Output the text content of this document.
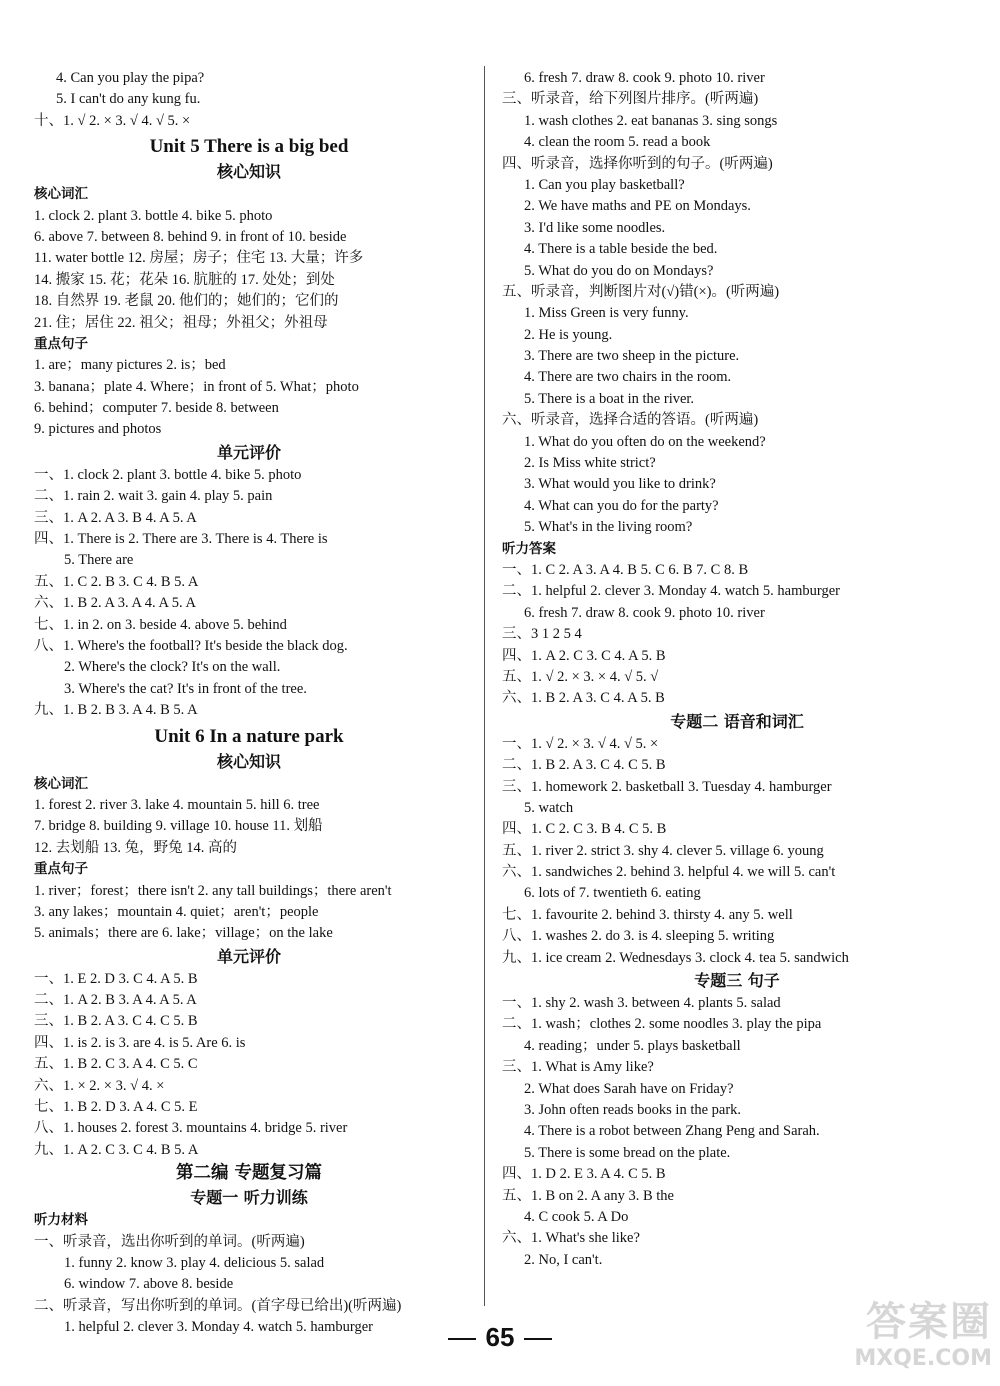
4. Can you play the pipa?
5. I can't do any kung fu.
十、1. √ 2. × 3. √ 4. √ 5. ×
Unit 5 There is a big bed
核心知识
核心词汇
1. clock 2. plant 3. bottle 4. bike 5. photo
6. above 7. between 8. behind 9. in front of 10. beside
11. water bottle 12. 房屋；房子；住宅 13. 大量；许多
14. 搬家 15. 花；花朵 16. 肮脏的 17. 处处；到处
18. 自然界 19. 老鼠 20. 他们的；她们的；它们的
21. 住；居住 22. 祖父；祖母；外祖父；外祖母
重点句子
1. are；many pictures 2. is；bed
3. banana；plate 4. Where；in front of 5. What；photo
6. behind；computer 7. beside 8. between
9. pictures and photos
单元评价
一、1. clock 2. plant 3. bottle 4. bike 5. photo
二、1. rain 2. wait 3. gain 4. play 5. pain
三、1. A 2. A 3. B 4. A 5. A
四、1. There is 2. There are 3. There is 4. There is
5. There are
五、1. C 2. B 3. C 4. B 5. A
六、1. B 2. A 3. A 4. A 5. A
七、1. in 2. on 3. beside 4. above 5. behind
八、1. Where's the football? It's beside the black dog.
2. Where's the clock? It's on the wall.
3. Where's the cat? It's in front of the tree.
九、1. B 2. B 3. A 4. B 5. A
Unit 6 In a nature park
核心知识
核心词汇
1. forest 2. river 3. lake 4. mountain 5. hill 6. tree
7. bridge 8. building 9. village 10. house 11. 划船
12. 去划船 13. 兔，野兔 14. 高的
重点句子
1. river；forest；there isn't 2. any tall buildings；there aren't
3. any lakes；mountain 4. quiet；aren't；people
5. animals；there are 6. lake；village；on the lake
单元评价
一、1. E 2. D 3. C 4. A 5. B
二、1. A 2. B 3. A 4. A 5. A
三、1. B 2. A 3. C 4. C 5. B
四、1. is 2. is 3. are 4. is 5. Are 6. is
五、1. B 2. C 3. A 4. C 5. C
六、1. × 2. × 3. √ 4. ×
七、1. B 2. D 3. A 4. C 5. E
八、1. houses 2. forest 3. mountains 4. bridge 5. river
九、1. A 2. C 3. C 4. B 5. A
第二编 专题复习篇
专题一 听力训练
听力材料
一、听录音，选出你听到的单词。(听两遍)
1. funny 2. know 3. play 4. delicious 5. salad
6. window 7. above 8. beside
二、听录音，写出你听到的单词。(首字母已给出)(听两遍)
1. helpful 2. clever 3. Monday 4. watch 5. hamburger
6. fresh 7. draw 8. cook 9. photo 10. river
三、听录音，给下列图片排序。(听两遍)
1. wash clothes 2. eat bananas 3. sing songs
4. clean the room 5. read a book
四、听录音，选择你听到的句子。(听两遍)
1. Can you play basketball?
2. We have maths and PE on Mondays.
3. I'd like some noodles.
4. There is a table beside the bed.
5. What do you do on Mondays?
五、听录音，判断图片对(√)错(×)。(听两遍)
1. Miss Green is very funny.
2. He is young.
3. There are two sheep in the picture.
4. There are two chairs in the room.
5. There is a boat in the river.
六、听录音，选择合适的答语。(听两遍)
1. What do you often do on the weekend?
2. Is Miss white strict?
3. What would you like to drink?
4. What can you do for the party?
5. What's in the living room?
听力答案
一、1. C 2. A 3. A 4. B 5. C 6. B 7. C 8. B
二、1. helpful 2. clever 3. Monday 4. watch 5. hamburger
6. fresh 7. draw 8. cook 9. photo 10. river
三、3 1 2 5 4
四、1. A 2. C 3. C 4. A 5. B
五、1. √ 2. × 3. × 4. √ 5. √
六、1. B 2. A 3. C 4. A 5. B
专题二 语音和词汇
一、1. √ 2. × 3. √ 4. √ 5. ×
二、1. B 2. A 3. C 4. C 5. B
三、1. homework 2. basketball 3. Tuesday 4. hamburger
5. watch
四、1. C 2. C 3. B 4. C 5. B
五、1. river 2. strict 3. shy 4. clever 5. village 6. young
六、1. sandwiches 2. behind 3. helpful 4. we will 5. can't
6. lots of 7. twentieth 6. eating
七、1. favourite 2. behind 3. thirsty 4. any 5. well
八、1. washes 2. do 3. is 4. sleeping 5. writing
九、1. ice cream 2. Wednesdays 3. clock 4. tea 5. sandwich
专题三 句子
一、1. shy 2. wash 3. between 4. plants 5. salad
二、1. wash；clothes 2. some noodles 3. play the pipa
4. reading；under 5. plays basketball
三、1. What is Amy like?
2. What does Sarah have on Friday?
3. John often reads books in the park.
4. There is a robot between Zhang Peng and Sarah.
5. There is some bread on the plate.
四、1. D 2. E 3. A 4. C 5. B
五、1. B on 2. A any 3. B the
4. C cook 5. A Do
六、1. What's she like?
2. No, I can't.
65	答案圈
MXQE.COM
